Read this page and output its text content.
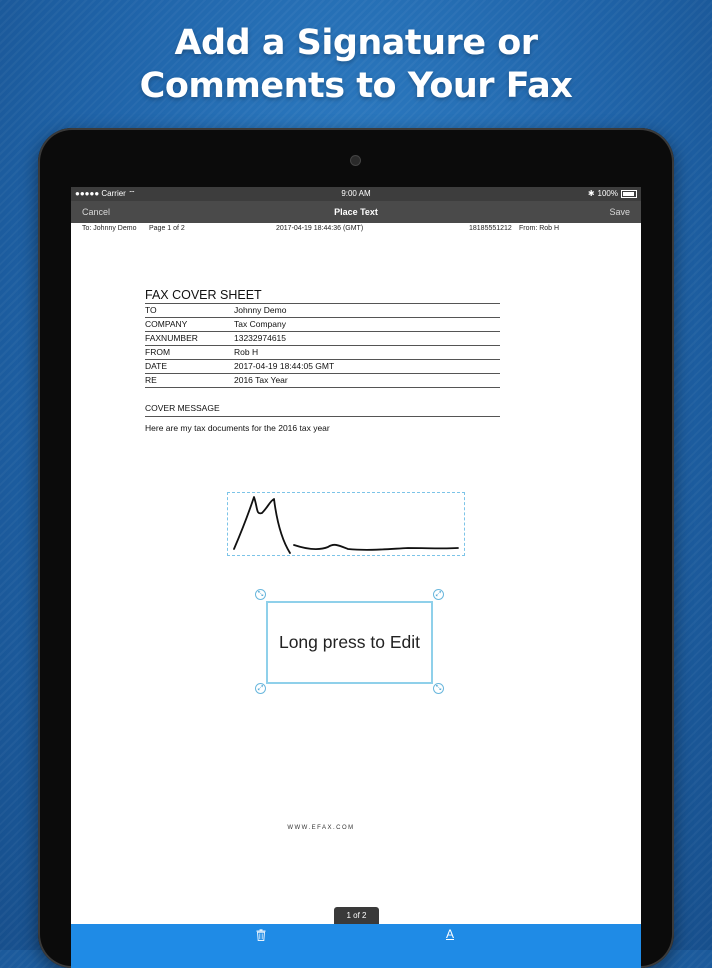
Add a Signature or
Comments to Your Fax
●●●●● Carrier ⌔	9:00 AM	✱ 100%
Cancel	Place Text	Save
To: Johnny Demo Page 1 of 2	2017-04-19 18:44:36 (GMT)	18185551212 From: Rob H
FAX COVER SHEET
TO	Johnny Demo
COMPANY	Tax Company
FAXNUMBER	13232974615
FROM	Rob H
DATE	2017-04-19 18:44:05 GMT
RE	2016 Tax Year
COVER MESSAGE
Here are my tax documents for the 2016 tax year
⤡	⤢
⤢	⤡
Long press to Edit
WWW.EFAX.COM
1 of 2
A
